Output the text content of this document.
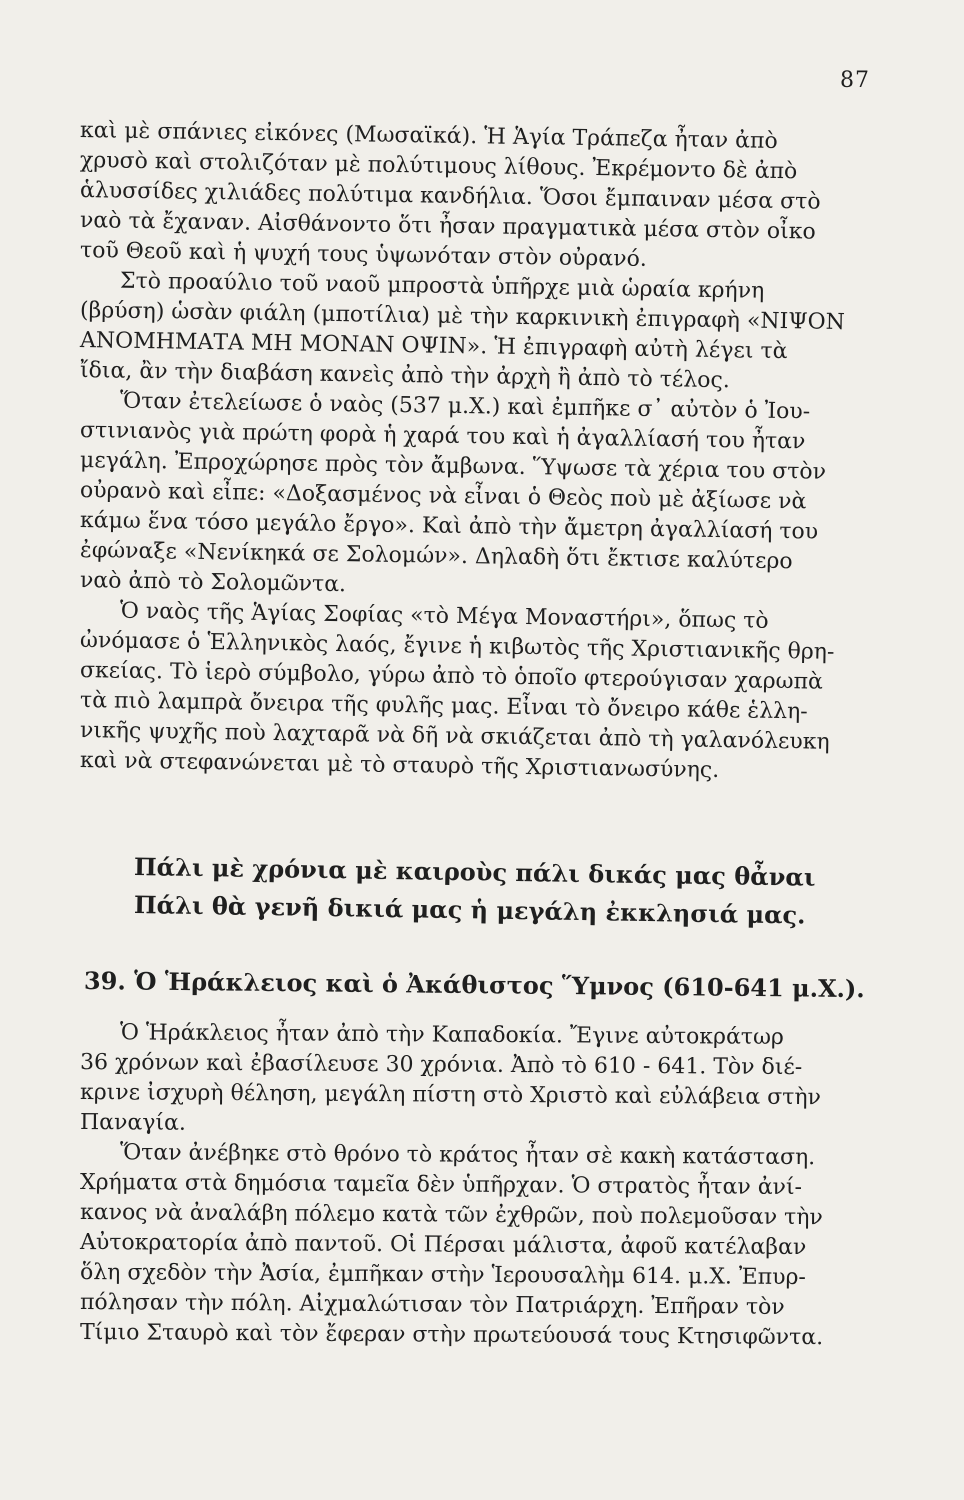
87
καὶ μὲ σπάνιες εἰκόνες (Μωσαϊκά). Ἡ Ἁγία Τράπεζα ἦταν ἀπὸ
χρυσὸ καὶ στολιζόταν μὲ πολύτιμους λίθους. Ἐκρέμοντο δὲ ἀπὸ
ἁλυσσίδες χιλιάδες πολύτιμα κανδήλια. Ὅσοι ἔμπαιναν μέσα στὸ
ναὸ τὰ ἔχαναν. Αἰσθάνοντο ὅτι ἦσαν πραγματικὰ μέσα στὸν οἶκο
τοῦ Θεοῦ καὶ ἡ ψυχή τους ὑψωνόταν στὸν οὐρανό.
Στὸ προαύλιο τοῦ ναοῦ μπροστὰ ὑπῆρχε μιὰ ὡραία κρήνη
(βρύση) ὡσὰν φιάλη (μποτίλια) μὲ τὴν καρκινικὴ ἐπιγραφὴ «ΝΙΨΟΝ
ΑΝΟΜΗΜΑΤΑ ΜΗ ΜΟΝΑΝ ΟΨΙΝ». Ἡ ἐπιγραφὴ αὐτὴ λέγει τὰ
ἴδια, ἂν τὴν διαβάση κανεὶς ἀπὸ τὴν ἀρχὴ ἢ ἀπὸ τὸ τέλος.
Ὅταν ἐτελείωσε ὁ ναὸς (537 μ.Χ.) καὶ ἐμπῆκε σ᾿ αὐτὸν ὁ Ἰου-
στινιανὸς γιὰ πρώτη φορὰ ἡ χαρά του καὶ ἡ ἀγαλλίασή του ἦταν
μεγάλη. Ἐπροχώρησε πρὸς τὸν ἄμβωνα. Ὕψωσε τὰ χέρια του στὸν
οὐρανὸ καὶ εἶπε: «Δοξασμένος νὰ εἶναι ὁ Θεὸς ποὺ μὲ ἀξίωσε νὰ
κάμω ἕνα τόσο μεγάλο ἔργο». Καὶ ἀπὸ τὴν ἄμετρη ἀγαλλίασή του
ἐφώναξε «Νενίκηκά σε Σολομών». Δηλαδὴ ὅτι ἔκτισε καλύτερο
ναὸ ἀπὸ τὸ Σολομῶντα.
Ὁ ναὸς τῆς Ἁγίας Σοφίας «τὸ Μέγα Μοναστήρι», ὅπως τὸ
ὠνόμασε ὁ Ἑλληνικὸς λαός, ἔγινε ἡ κιβωτὸς τῆς Χριστιανικῆς θρη-
σκείας. Τὸ ἱερὸ σύμβολο, γύρω ἀπὸ τὸ ὁποῖο φτερούγισαν χαρωπὰ
τὰ πιὸ λαμπρὰ ὄνειρα τῆς φυλῆς μας. Εἶναι τὸ ὄνειρο κάθε ἑλλη-
νικῆς ψυχῆς ποὺ λαχταρᾶ νὰ δῆ νὰ σκιάζεται ἀπὸ τὴ γαλανόλευκη
καὶ νὰ στεφανώνεται μὲ τὸ σταυρὸ τῆς Χριστιανωσύνης.
Πάλι μὲ χρόνια μὲ καιροὺς πάλι δικάς μας θἆναι
Πάλι θὰ γενῆ δικιά μας ἡ μεγάλη ἐκκλησιά μας.
39. Ὁ Ἡράκλειος καὶ ὁ Ἀκάθιστος Ὕμνος (610-641 μ.Χ.).
Ὁ Ἡράκλειος ἦταν ἀπὸ τὴν Καπαδοκία. Ἔγινε αὐτοκράτωρ
36 χρόνων καὶ ἐβασίλευσε 30 χρόνια. Ἀπὸ τὸ 610 - 641. Τὸν διέ-
κρινε ἰσχυρὴ θέληση, μεγάλη πίστη στὸ Χριστὸ καὶ εὐλάβεια στὴν
Παναγία.
Ὅταν ἀνέβηκε στὸ θρόνο τὸ κράτος ἦταν σὲ κακὴ κατάσταση.
Χρήματα στὰ δημόσια ταμεῖα δὲν ὑπῆρχαν. Ὁ στρατὸς ἦταν ἀνί-
κανος νὰ ἀναλάβη πόλεμο κατὰ τῶν ἐχθρῶν, ποὺ πολεμοῦσαν τὴν
Αὐτοκρατορία ἀπὸ παντοῦ. Οἱ Πέρσαι μάλιστα, ἀφοῦ κατέλαβαν
ὅλη σχεδὸν τὴν Ἀσία, ἐμπῆκαν στὴν Ἱερουσαλὴμ 614. μ.Χ. Ἐπυρ-
πόλησαν τὴν πόλη. Αἰχμαλώτισαν τὸν Πατριάρχη. Ἐπῆραν τὸν
Τίμιο Σταυρὸ καὶ τὸν ἔφεραν στὴν πρωτεύουσά τους Κτησιφῶντα.
